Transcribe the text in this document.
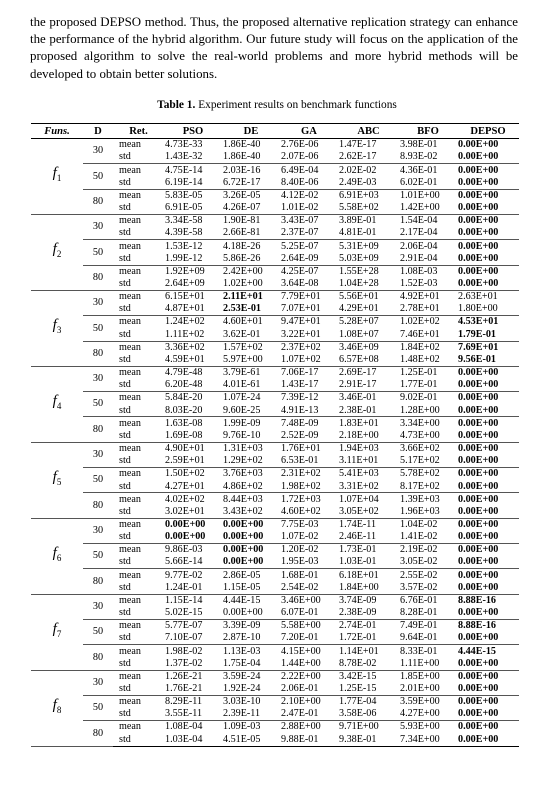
the proposed DEPSO method. Thus, the proposed alternative replication strategy can enhance the performance of the hybrid algorithm. Our future study will focus on the application of the proposed algorithm to solve the real-world problems and more hybrid methods will be developed to obtain better solutions.

Table 1. Experiment results on benchmark functions

Funs.	D	Ret.	PSO	DE	GA	ABC	BFO	DEPSO
$f_1$	30	mean	4.73E-33	1.86E-40	2.76E-06	1.47E-17	3.98E-01	0.00E+00
		std	1.43E-32	1.86E-40	2.07E-06	2.62E-17	8.93E-02	0.00E+00
	50	mean	4.75E-14	2.03E-16	6.49E-04	2.02E-02	4.36E-01	0.00E+00
		std	6.19E-14	6.72E-17	8.40E-06	2.49E-03	6.02E-01	0.00E+00
	80	mean	5.83E-05	3.26E-05	4.12E-02	6.91E+03	1.01E+00	0.00E+00
		std	6.91E-05	4.26E-07	1.01E-02	5.58E+02	1.42E+00	0.00E+00
$f_2$	30	mean	3.34E-58	1.90E-81	3.43E-07	3.89E-01	1.54E-04	0.00E+00
		std	4.39E-58	2.66E-81	2.37E-07	4.81E-01	2.17E-04	0.00E+00
	50	mean	1.53E-12	4.18E-26	5.25E-07	5.31E+09	2.06E-04	0.00E+00
		std	1.99E-12	5.86E-26	2.64E-09	5.03E+09	2.91E-04	0.00E+00
	80	mean	1.92E+09	2.42E+00	4.25E-07	1.55E+28	1.08E-03	0.00E+00
		std	2.64E+09	1.02E+00	3.64E-08	1.04E+28	1.52E-03	0.00E+00
$f_3$	30	mean	6.15E+01	2.11E+01	7.79E+01	5.56E+01	4.92E+01	2.63E+01
		std	4.87E+01	2.53E-01	7.07E+01	4.29E+01	2.78E+01	1.80E+00
	50	mean	1.24E+02	4.60E+01	9.47E+01	5.28E+07	1.02E+02	4.53E+01
		std	1.11E+02	3.62E-01	3.22E+01	1.08E+07	7.46E+01	1.79E-01
	80	mean	3.36E+02	1.57E+02	2.37E+02	3.46E+09	1.84E+02	7.69E+01
		std	4.59E+01	5.97E+00	1.07E+02	6.57E+08	1.48E+02	9.56E-01
$f_4$	30	mean	4.79E-48	3.79E-61	7.06E-17	2.69E-17	1.25E-01	0.00E+00
		std	6.20E-48	4.01E-61	1.43E-17	2.91E-17	1.77E-01	0.00E+00
	50	mean	5.84E-20	1.07E-24	7.39E-12	3.46E-01	9.02E-01	0.00E+00
		std	8.03E-20	9.60E-25	4.91E-13	2.38E-01	1.28E+00	0.00E+00
	80	mean	1.63E-08	1.99E-09	7.48E-09	1.83E+01	3.34E+00	0.00E+00
		std	1.69E-08	9.76E-10	2.52E-09	2.18E+00	4.73E+00	0.00E+00
$f_5$	30	mean	4.90E+01	1.31E+03	1.76E+01	1.94E+03	3.66E+02	0.00E+00
		std	2.59E+01	1.29E+02	6.53E-01	3.11E+01	5.17E+02	0.00E+00
	50	mean	1.50E+02	3.76E+03	2.31E+02	5.41E+03	5.78E+02	0.00E+00
		std	4.27E+01	4.86E+02	1.98E+02	3.31E+02	8.17E+02	0.00E+00
	80	mean	4.02E+02	8.44E+03	1.72E+03	1.07E+04	1.39E+03	0.00E+00
		std	3.02E+01	3.43E+02	4.60E+02	3.05E+02	1.96E+03	0.00E+00
$f_6$	30	mean	0.00E+00	0.00E+00	7.75E-03	1.74E-11	1.04E-02	0.00E+00
		std	0.00E+00	0.00E+00	1.07E-02	2.46E-11	1.41E-02	0.00E+00
	50	mean	9.86E-03	0.00E+00	1.20E-02	1.73E-01	2.19E-02	0.00E+00
		std	5.66E-14	0.00E+00	1.95E-03	1.03E-01	3.05E-02	0.00E+00
	80	mean	9.77E-02	2.86E-05	1.68E-01	6.18E+01	2.55E-02	0.00E+00
		std	1.24E-01	1.15E-05	2.54E-02	1.84E+00	3.57E-02	0.00E+00
$f_7$	30	mean	1.15E-14	4.44E-15	3.46E+00	3.74E-09	6.76E-01	8.88E-16
		std	5.02E-15	0.00E+00	6.07E-01	2.38E-09	8.28E-01	0.00E+00
	50	mean	5.77E-07	3.39E-09	5.58E+00	2.74E-01	7.49E-01	8.88E-16
		std	7.10E-07	2.87E-10	7.20E-01	1.72E-01	9.64E-01	0.00E+00
	80	mean	1.98E-02	1.13E-03	4.15E+00	1.14E+01	8.33E-01	4.44E-15
		std	1.37E-02	1.75E-04	1.44E+00	8.78E-02	1.11E+00	0.00E+00
$f_8$	30	mean	1.26E-21	3.59E-24	2.22E+00	3.42E-15	1.85E+00	0.00E+00
		std	1.76E-21	1.92E-24	2.06E-01	1.25E-15	2.01E+00	0.00E+00
	50	mean	8.29E-11	3.03E-10	2.10E+00	1.77E-04	3.59E+00	0.00E+00
		std	3.55E-11	2.39E-11	2.47E-01	3.58E-06	4.27E+00	0.00E+00
	80	mean	1.08E-04	1.09E-03	2.88E+00	9.71E+00	5.93E+00	0.00E+00
		std	1.03E-04	4.51E-05	9.88E-01	9.38E-01	7.34E+00	0.00E+00
